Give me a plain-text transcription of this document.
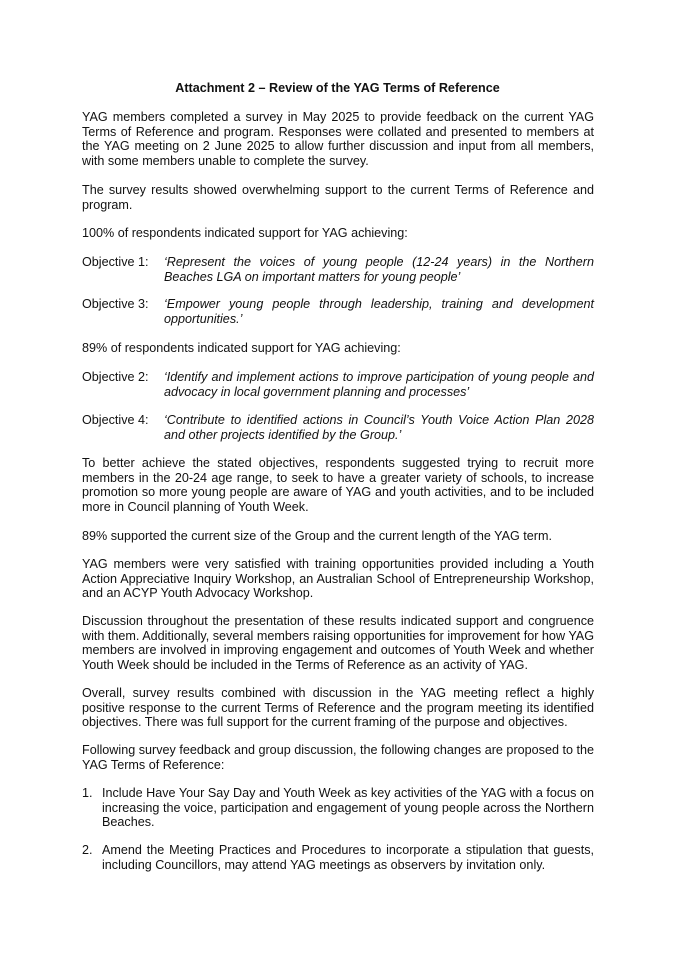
Attachment 2 – Review of the YAG Terms of Reference

YAG members completed a survey in May 2025 to provide feedback on the current YAG Terms of Reference and program. Responses were collated and presented to members at the YAG meeting on 2 June 2025 to allow further discussion and input from all members, with some members unable to complete the survey.

The survey results showed overwhelming support to the current Terms of Reference and program.

100% of respondents indicated support for YAG achieving:

Objective 1: ‘Represent the voices of young people (12-24 years) in the Northern Beaches LGA on important matters for young people’
Objective 3: ‘Empower young people through leadership, training and development opportunities.’

89% of respondents indicated support for YAG achieving:

Objective 2: ‘Identify and implement actions to improve participation of young people and advocacy in local government planning and processes’
Objective 4: ‘Contribute to identified actions in Council’s Youth Voice Action Plan 2028 and other projects identified by the Group.’

To better achieve the stated objectives, respondents suggested trying to recruit more members in the 20-24 age range, to seek to have a greater variety of schools, to increase promotion so more young people are aware of YAG and youth activities, and to be included more in Council planning of Youth Week.

89% supported the current size of the Group and the current length of the YAG term.

YAG members were very satisfied with training opportunities provided including a Youth Action Appreciative Inquiry Workshop, an Australian School of Entrepreneurship Workshop, and an ACYP Youth Advocacy Workshop.

Discussion throughout the presentation of these results indicated support and congruence with them. Additionally, several members raising opportunities for improvement for how YAG members are involved in improving engagement and outcomes of Youth Week and whether Youth Week should be included in the Terms of Reference as an activity of YAG.

Overall, survey results combined with discussion in the YAG meeting reflect a highly positive response to the current Terms of Reference and the program meeting its identified objectives. There was full support for the current framing of the purpose and objectives.

Following survey feedback and group discussion, the following changes are proposed to the YAG Terms of Reference:

1. Include Have Your Say Day and Youth Week as key activities of the YAG with a focus on increasing the voice, participation and engagement of young people across the Northern Beaches.
2. Amend the Meeting Practices and Procedures to incorporate a stipulation that guests, including Councillors, may attend YAG meetings as observers by invitation only.
